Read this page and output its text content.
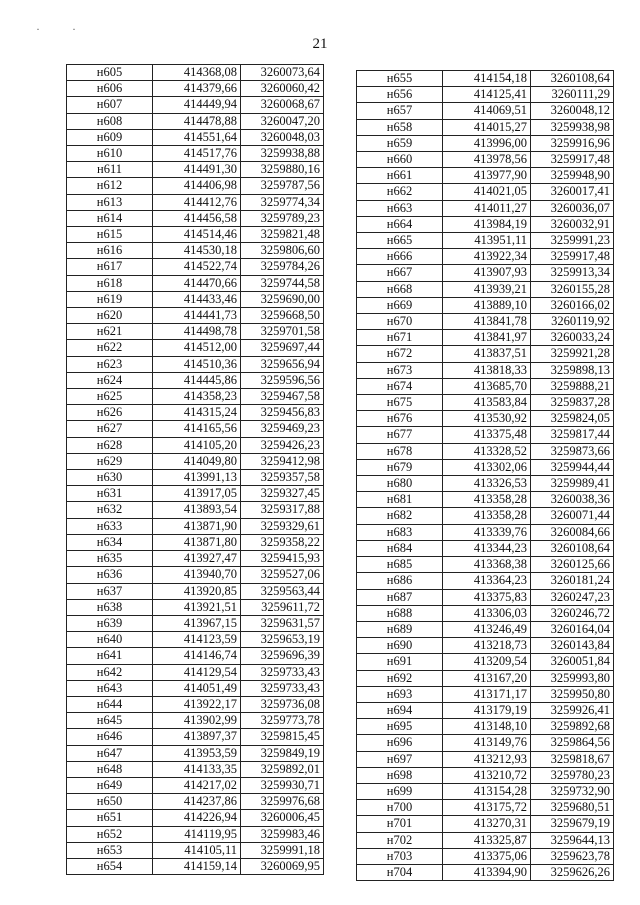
·	·
21
н605	414368,08	3260073,64
н606	414379,66	3260060,42
н607	414449,94	3260068,67
н608	414478,88	3260047,20
н609	414551,64	3260048,03
н610	414517,76	3259938,88
н611	414491,30	3259880,16
н612	414406,98	3259787,56
н613	414412,76	3259774,34
н614	414456,58	3259789,23
н615	414514,46	3259821,48
н616	414530,18	3259806,60
н617	414522,74	3259784,26
н618	414470,66	3259744,58
н619	414433,46	3259690,00
н620	414441,73	3259668,50
н621	414498,78	3259701,58
н622	414512,00	3259697,44
н623	414510,36	3259656,94
н624	414445,86	3259596,56
н625	414358,23	3259467,58
н626	414315,24	3259456,83
н627	414165,56	3259469,23
н628	414105,20	3259426,23
н629	414049,80	3259412,98
н630	413991,13	3259357,58
н631	413917,05	3259327,45
н632	413893,54	3259317,88
н633	413871,90	3259329,61
н634	413871,80	3259358,22
н635	413927,47	3259415,93
н636	413940,70	3259527,06
н637	413920,85	3259563,44
н638	413921,51	3259611,72
н639	413967,15	3259631,57
н640	414123,59	3259653,19
н641	414146,74	3259696,39
н642	414129,54	3259733,43
н643	414051,49	3259733,43
н644	413922,17	3259736,08
н645	413902,99	3259773,78
н646	413897,37	3259815,45
н647	413953,59	3259849,19
н648	414133,35	3259892,01
н649	414217,02	3259930,71
н650	414237,86	3259976,68
н651	414226,94	3260006,45
н652	414119,95	3259983,46
н653	414105,11	3259991,18
н654	414159,14	3260069,95
н655	414154,18	3260108,64
н656	414125,41	3260111,29
н657	414069,51	3260048,12
н658	414015,27	3259938,98
н659	413996,00	3259916,96
н660	413978,56	3259917,48
н661	413977,90	3259948,90
н662	414021,05	3260017,41
н663	414011,27	3260036,07
н664	413984,19	3260032,91
н665	413951,11	3259991,23
н666	413922,34	3259917,48
н667	413907,93	3259913,34
н668	413939,21	3260155,28
н669	413889,10	3260166,02
н670	413841,78	3260119,92
н671	413841,97	3260033,24
н672	413837,51	3259921,28
н673	413818,33	3259898,13
н674	413685,70	3259888,21
н675	413583,84	3259837,28
н676	413530,92	3259824,05
н677	413375,48	3259817,44
н678	413328,52	3259873,66
н679	413302,06	3259944,44
н680	413326,53	3259989,41
н681	413358,28	3260038,36
н682	413358,28	3260071,44
н683	413339,76	3260084,66
н684	413344,23	3260108,64
н685	413368,38	3260125,66
н686	413364,23	3260181,24
н687	413375,83	3260247,23
н688	413306,03	3260246,72
н689	413246,49	3260164,04
н690	413218,73	3260143,84
н691	413209,54	3260051,84
н692	413167,20	3259993,80
н693	413171,17	3259950,80
н694	413179,19	3259926,41
н695	413148,10	3259892,68
н696	413149,76	3259864,56
н697	413212,93	3259818,67
н698	413210,72	3259780,23
н699	413154,28	3259732,90
н700	413175,72	3259680,51
н701	413270,31	3259679,19
н702	413325,87	3259644,13
н703	413375,06	3259623,78
н704	413394,90	3259626,26
